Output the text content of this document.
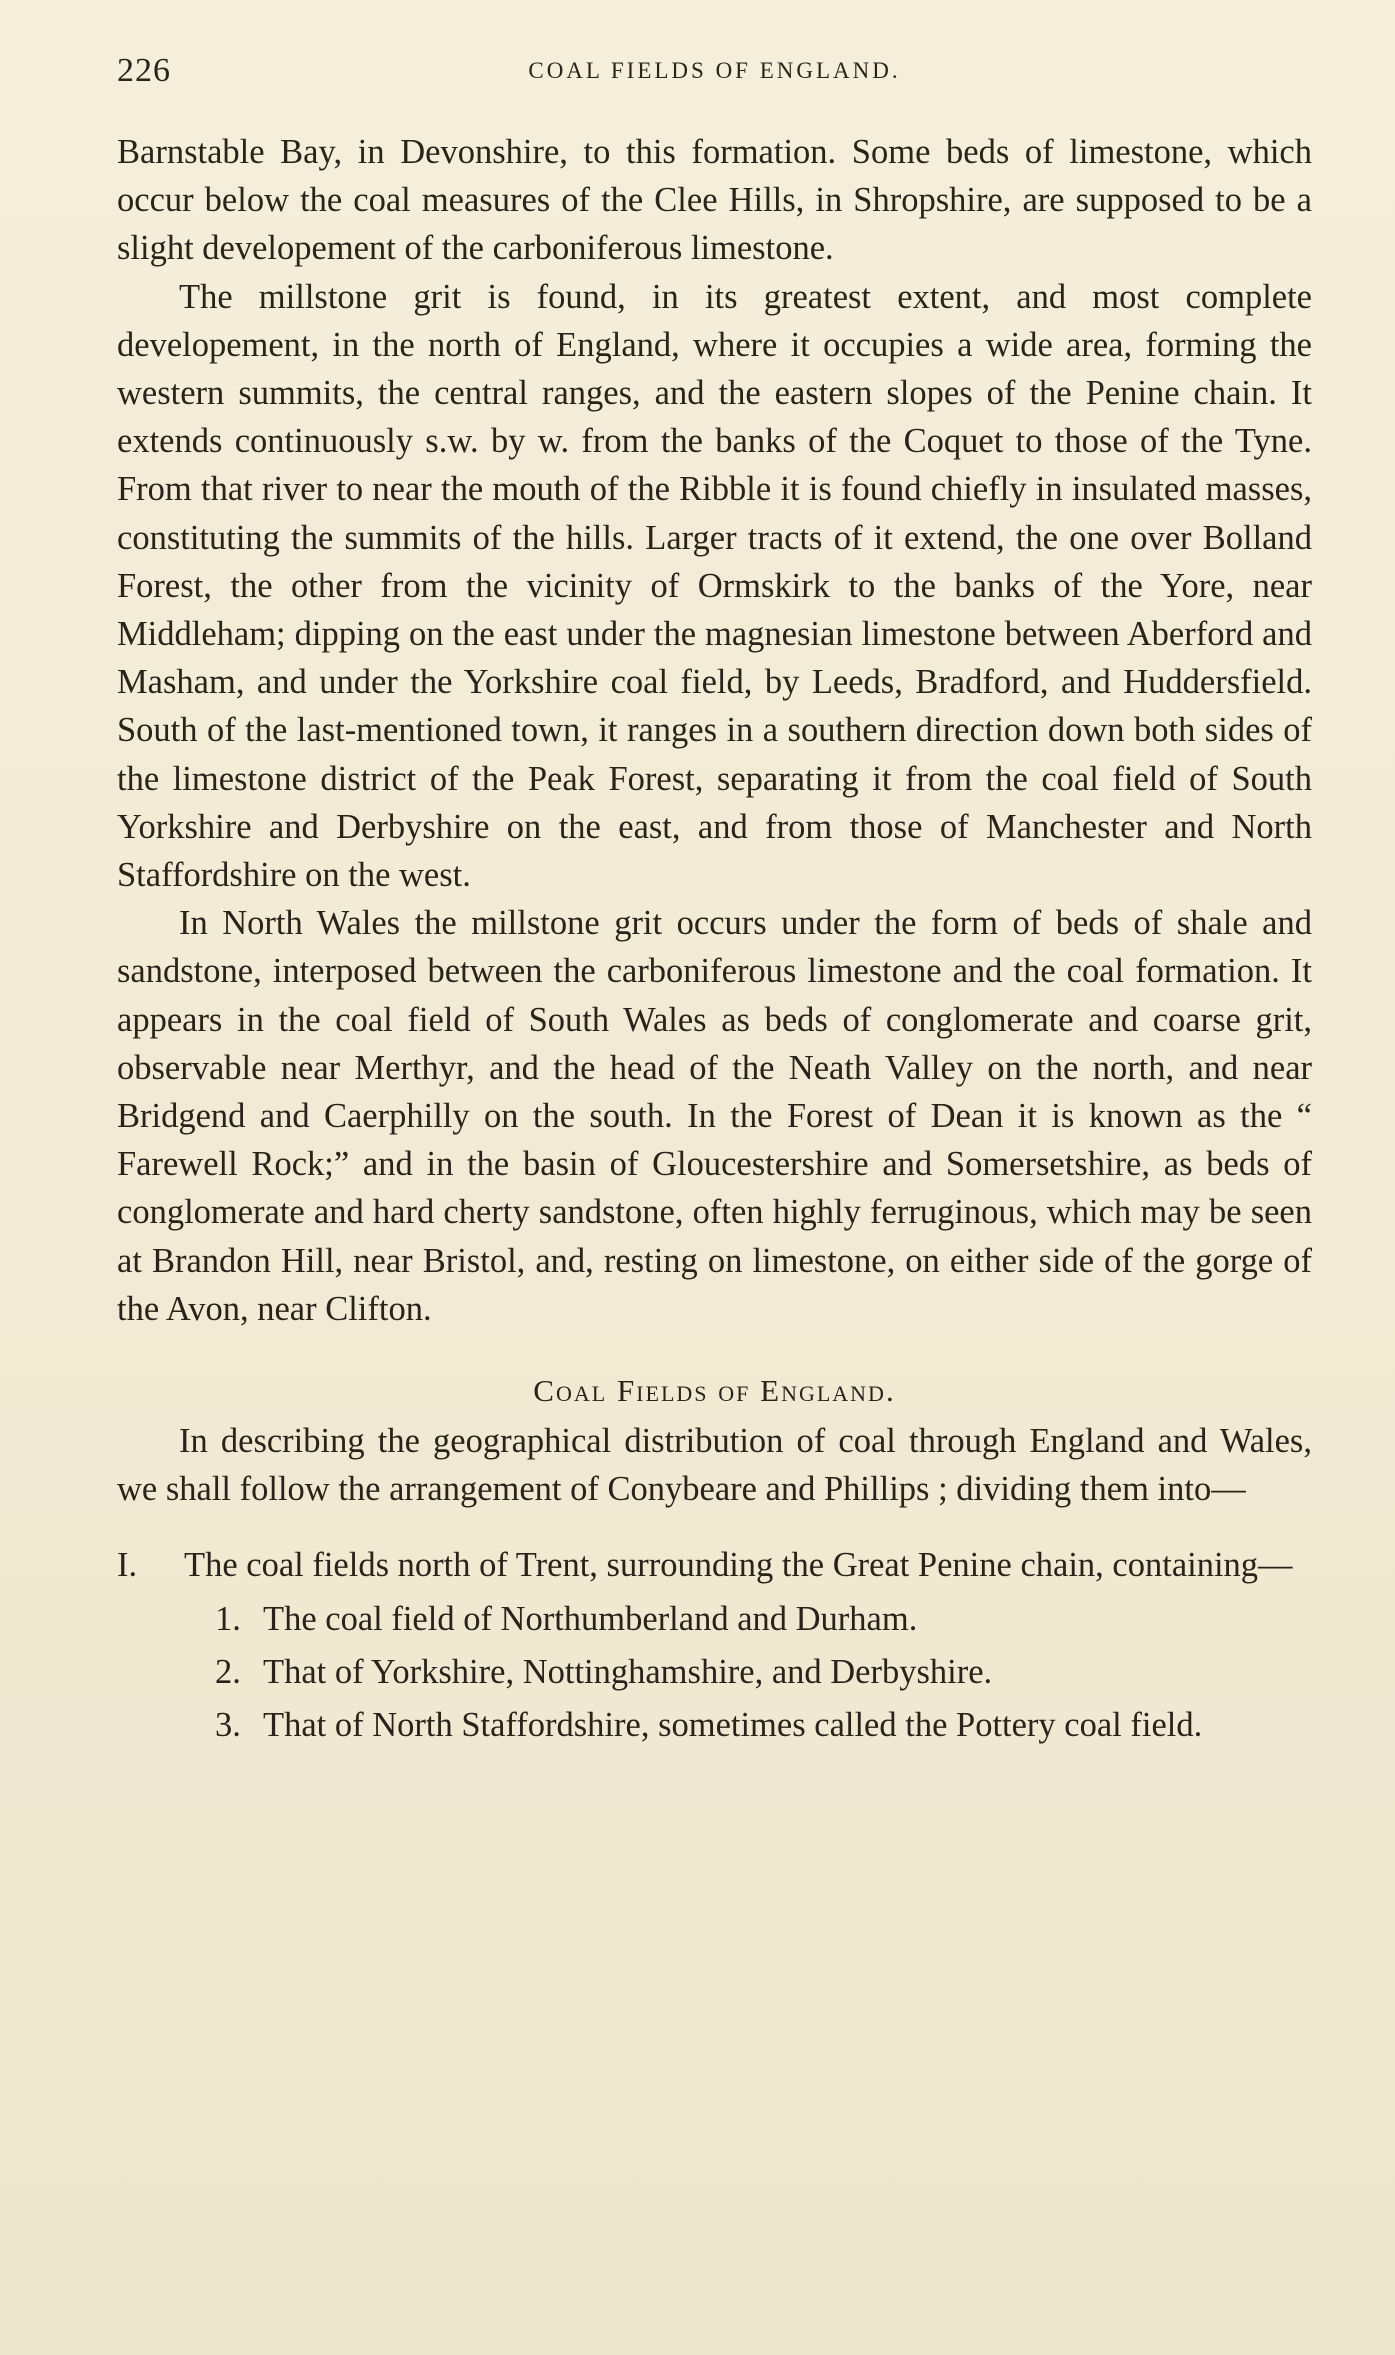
226	COAL FIELDS OF ENGLAND.

Barnstable Bay, in Devonshire, to this formation. Some beds of limestone, which occur below the coal measures of the Clee Hills, in Shropshire, are supposed to be a slight developement of the carboniferous limestone.

The millstone grit is found, in its greatest extent, and most complete developement, in the north of England, where it occupies a wide area, forming the western summits, the central ranges, and the eastern slopes of the Penine chain. It extends continuously s.w. by w. from the banks of the Coquet to those of the Tyne. From that river to near the mouth of the Ribble it is found chiefly in insulated masses, constituting the summits of the hills. Larger tracts of it extend, the one over Bolland Forest, the other from the vicinity of Ormskirk to the banks of the Yore, near Middleham; dipping on the east under the magnesian limestone between Aberford and Masham, and under the Yorkshire coal field, by Leeds, Bradford, and Huddersfield. South of the last-mentioned town, it ranges in a southern direction down both sides of the limestone district of the Peak Forest, separating it from the coal field of South Yorkshire and Derbyshire on the east, and from those of Manchester and North Staffordshire on the west.

In North Wales the millstone grit occurs under the form of beds of shale and sandstone, interposed between the carboniferous limestone and the coal formation. It appears in the coal field of South Wales as beds of conglomerate and coarse grit, observable near Merthyr, and the head of the Neath Valley on the north, and near Bridgend and Caerphilly on the south. In the Forest of Dean it is known as the “ Farewell Rock;” and in the basin of Gloucestershire and Somersetshire, as beds of conglomerate and hard cherty sandstone, often highly ferruginous, which may be seen at Brandon Hill, near Bristol, and, resting on limestone, on either side of the gorge of the Avon, near Clifton.

Coal Fields of England.

In describing the geographical distribution of coal through England and Wales, we shall follow the arrangement of Conybeare and Phillips ; dividing them into—

I. The coal fields north of Trent, surrounding the Great Penine chain, containing—
1. The coal field of Northumberland and Durham.
2. That of Yorkshire, Nottinghamshire, and Derbyshire.
3. That of North Staffordshire, sometimes called the Pottery coal field.
